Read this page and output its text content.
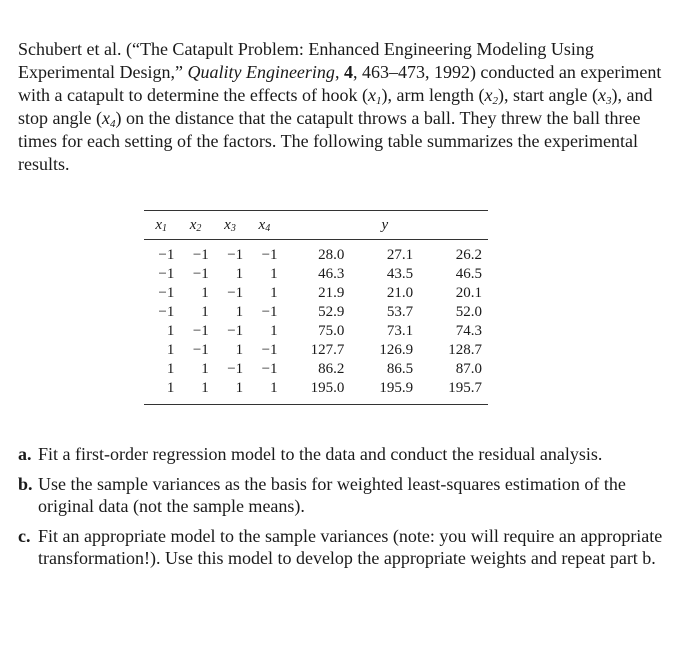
Schubert et al. (“The Catapult Problem: Enhanced Engineering Modeling Using Experimental Design,” Quality Engineering, 4, 463–473, 1992) conducted an experiment with a catapult to determine the effects of hook $(x_1)$, arm length $(x_2)$, start angle $(x_3)$, and stop angle $(x_4)$ on the distance that the catapult throws a ball. They threw the ball three times for each setting of the factors. The following table summarizes the experimental results.

$x_1$	$x_2$	$x_3$	$x_4$	y		
−1	−1	−1	−1	28.0	27.1	26.2
−1	−1	1	1	46.3	43.5	46.5
−1	1	−1	1	21.9	21.0	20.1
−1	1	1	−1	52.9	53.7	52.0
1	−1	−1	1	75.0	73.1	74.3
1	−1	1	−1	127.7	126.9	128.7
1	1	−1	−1	86.2	86.5	87.0
1	1	1	1	195.0	195.9	195.7
a. Fit a first-order regression model to the data and conduct the residual analysis.
b. Use the sample variances as the basis for weighted least-squares estimation of the original data (not the sample means).
c. Fit an appropriate model to the sample variances (note: you will require an appropriate transformation!). Use this model to develop the appropriate weights and repeat part b.
